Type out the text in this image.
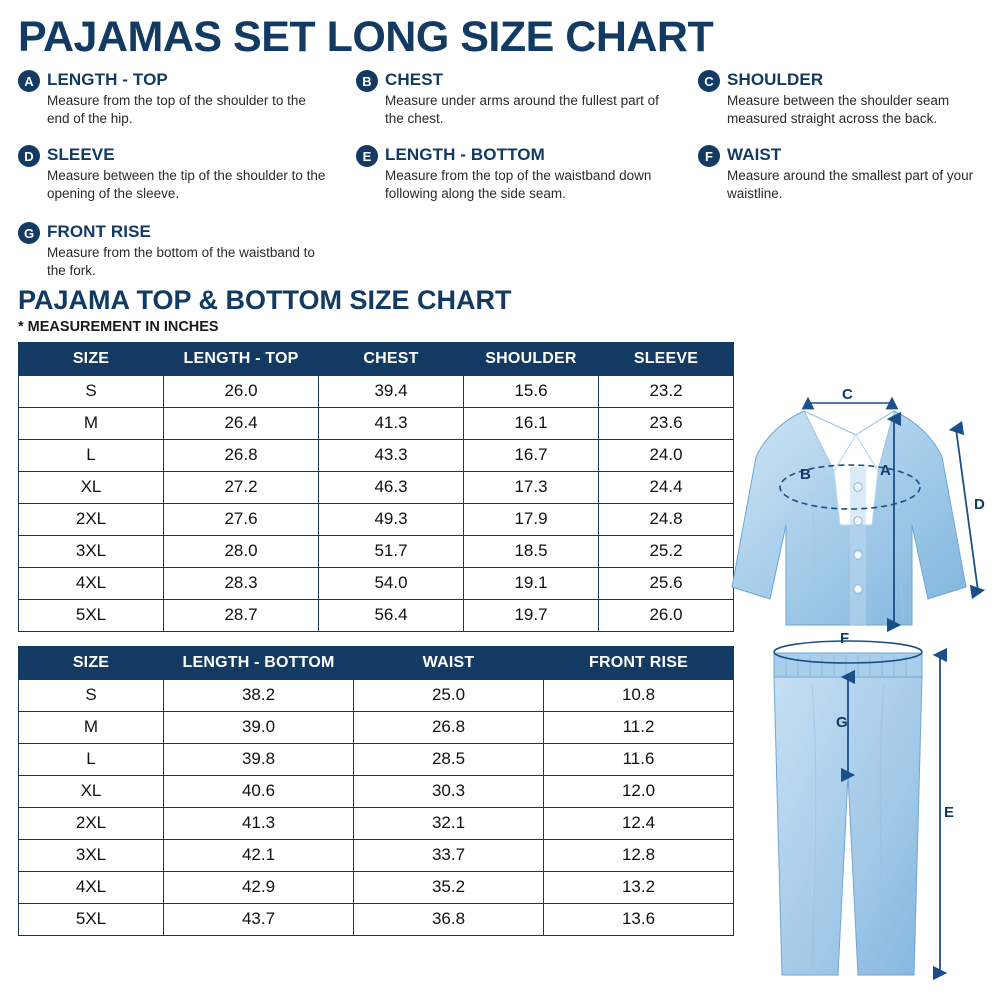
PAJAMAS SET LONG SIZE CHART
A LENGTH - TOP
Measure from the top of the shoulder to the end of the hip.
B CHEST
Measure under arms around the fullest part of the chest.
C SHOULDER
Measure between the shoulder seam measured straight across the back.
D SLEEVE
Measure between the tip of the shoulder to the opening of the sleeve.
E LENGTH - BOTTOM
Measure from the top of the waistband down following along the side seam.
F WAIST
Measure around the smallest part of your waistline.
G FRONT RISE
Measure from the bottom of the waistband to the fork.
PAJAMA TOP & BOTTOM SIZE CHART
* MEASUREMENT IN INCHES
SIZE	LENGTH - TOP	CHEST	SHOULDER	SLEEVE
S	26.0	39.4	15.6	23.2
M	26.4	41.3	16.1	23.6
L	26.8	43.3	16.7	24.0
XL	27.2	46.3	17.3	24.4
2XL	27.6	49.3	17.9	24.8
3XL	28.0	51.7	18.5	25.2
4XL	28.3	54.0	19.1	25.6
5XL	28.7	56.4	19.7	26.0
SIZE	LENGTH - BOTTOM	WAIST	FRONT RISE
S	38.2	25.0	10.8
M	39.0	26.8	11.2
L	39.8	28.5	11.6
XL	40.6	30.3	12.0
2XL	41.3	32.1	12.4
3XL	42.1	33.7	12.8
4XL	42.9	35.2	13.2
5XL	43.7	36.8	13.6
C
B	A
D
F
G
E
